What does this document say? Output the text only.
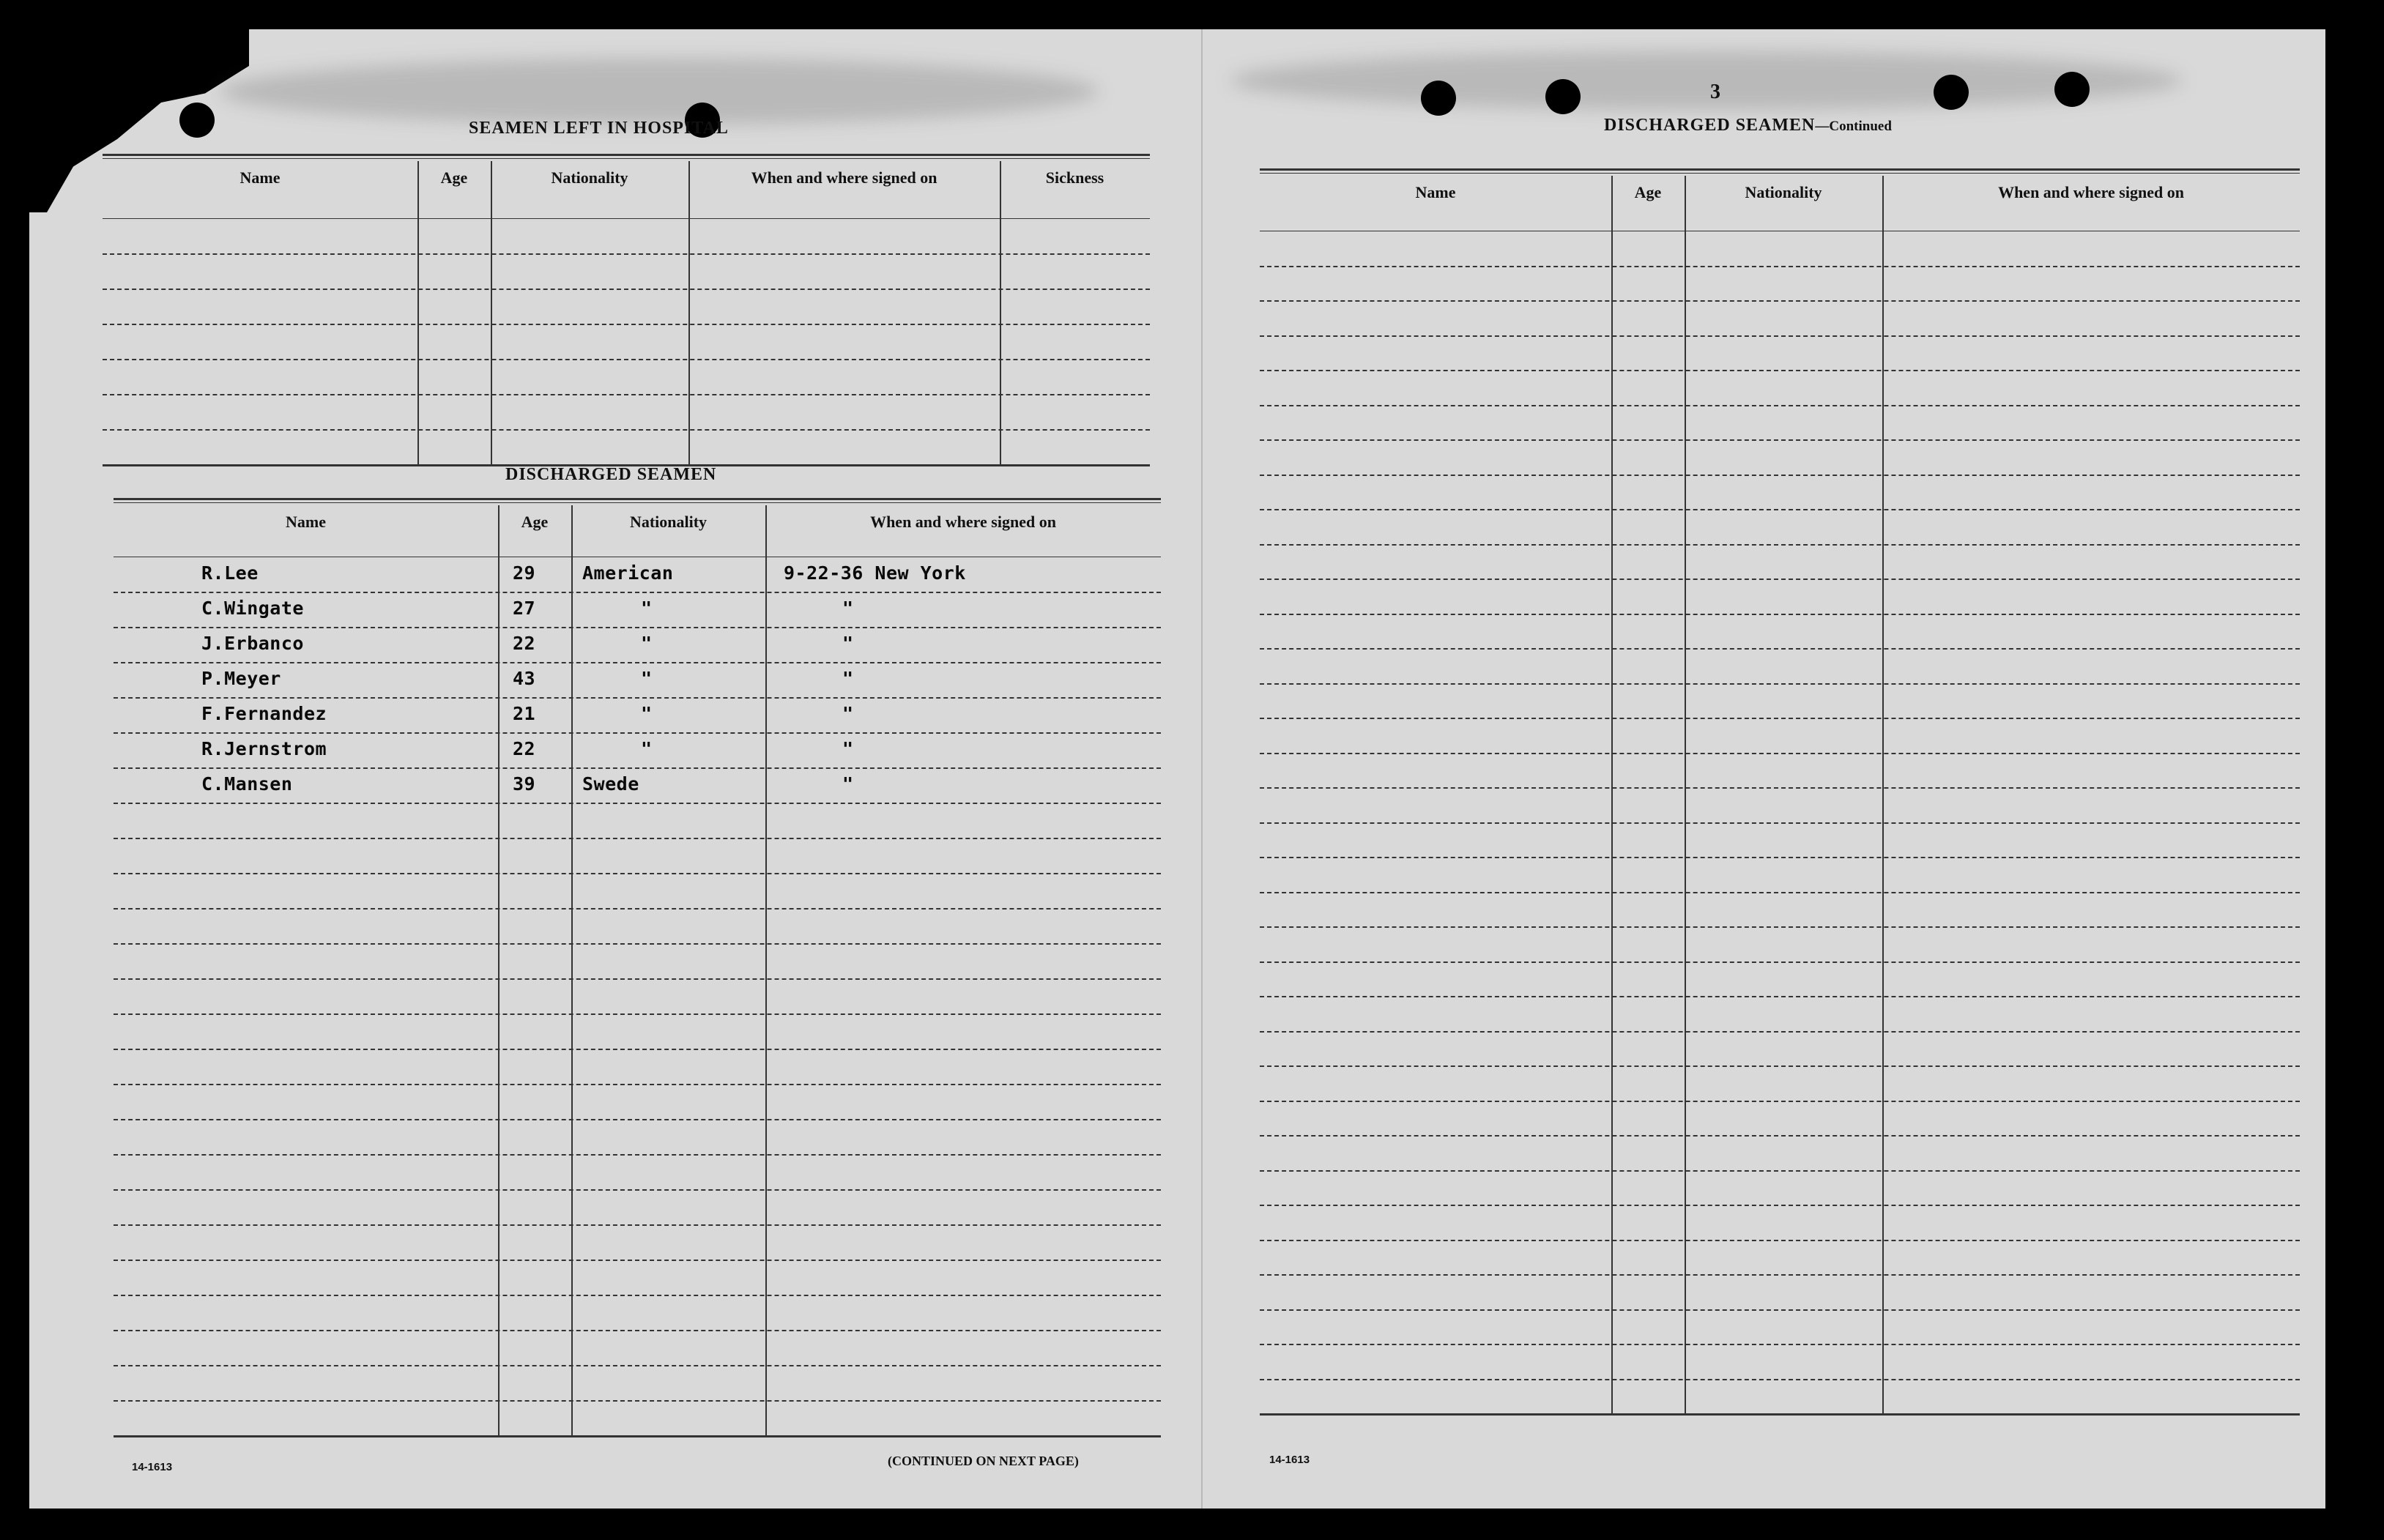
SEAMEN LEFT IN HOSPITAL
Name	Age	Nationality	When and where signed on	Sickness
DISCHARGED SEAMEN
Name	Age	Nationality	When and where signed on
R.Lee	29	American	9-22-36 New York
C.Wingate	27	"	"
J.Erbanco	22	"	"
P.Meyer	43	"	"
F.Fernandez	21	"	"
R.Jernstrom	22	"	"
C.Mansen	39	Swede	"
14-1613	(CONTINUED ON NEXT PAGE)
3
DISCHARGED SEAMEN—Continued
Name	Age	Nationality	When and where signed on
14-1613
